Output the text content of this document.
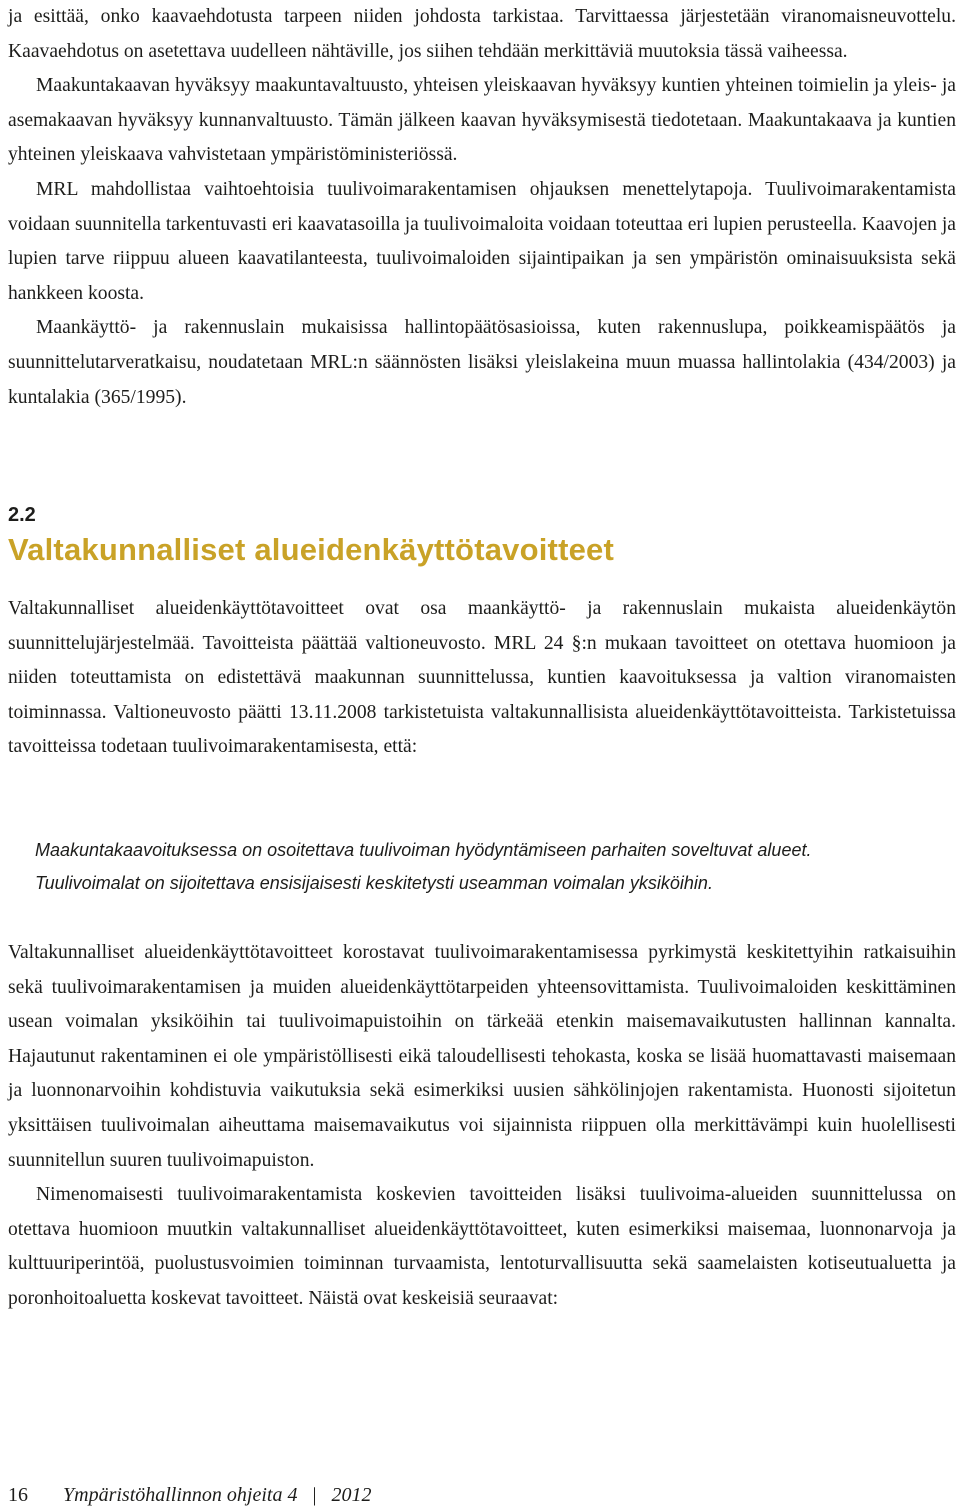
ja esittää, onko kaavaehdotusta tarpeen niiden johdosta tarkistaa. Tarvittaessa järjestetään viranomaisneuvottelu. Kaavaehdotus on asetettava uudelleen nähtäville, jos siihen tehdään merkittäviä muutoksia tässä vaiheessa.

Maakuntakaavan hyväksyy maakuntavaltuusto, yhteisen yleiskaavan hyväksyy kuntien yhteinen toimielin ja yleis- ja asemakaavan hyväksyy kunnanvaltuusto. Tämän jälkeen kaavan hyväksymisestä tiedotetaan. Maakuntakaava ja kuntien yhteinen yleiskaava vahvistetaan ympäristöministeriössä.

MRL mahdollistaa vaihtoehtoisia tuulivoimarakentamisen ohjauksen menettelytapoja. Tuulivoimarakentamista voidaan suunnitella tarkentuvasti eri kaavatasoilla ja tuulivoimaloita voidaan toteuttaa eri lupien perusteella. Kaavojen ja lupien tarve riippuu alueen kaavatilanteesta, tuulivoimaloiden sijaintipaikan ja sen ympäristön ominaisuuksista sekä hankkeen koosta.

Maankäyttö- ja rakennuslain mukaisissa hallintopäätösasioissa, kuten rakennuslupa, poikkeamispäätös ja suunnittelutarveratkaisu, noudatetaan MRL:n säännösten lisäksi yleislakeina muun muassa hallintolakia (434/2003) ja kuntalakia (365/1995).

2.2
Valtakunnalliset alueidenkäyttötavoitteet

Valtakunnalliset alueidenkäyttötavoitteet ovat osa maankäyttö- ja rakennuslain mukaista alueidenkäytön suunnittelujärjestelmää. Tavoitteista päättää valtioneuvosto. MRL 24 §:n mukaan tavoitteet on otettava huomioon ja niiden toteuttamista on edistettävä maakunnan suunnittelussa, kuntien kaavoituksessa ja valtion viranomaisten toiminnassa. Valtioneuvosto päätti 13.11.2008 tarkistetuista valtakunnallisista alueidenkäyttötavoitteista. Tarkistetuissa tavoitteissa todetaan tuulivoimarakentamisesta, että:

Maakuntakaavoituksessa on osoitettava tuulivoiman hyödyntämiseen parhaiten soveltuvat alueet.
Tuulivoimalat on sijoitettava ensisijaisesti keskitetysti useamman voimalan yksiköihin.

Valtakunnalliset alueidenkäyttötavoitteet korostavat tuulivoimarakentamisessa pyrkimystä keskitettyihin ratkaisuihin sekä tuulivoimarakentamisen ja muiden alueidenkäyttötarpeiden yhteensovittamista. Tuulivoimaloiden keskittäminen usean voimalan yksiköihin tai tuulivoimapuistoihin on tärkeää etenkin maisemavaikutusten hallinnan kannalta. Hajautunut rakentaminen ei ole ympäristöllisesti eikä taloudellisesti tehokasta, koska se lisää huomattavasti maisemaan ja luonnonarvoihin kohdistuvia vaikutuksia sekä esimerkiksi uusien sähkölinjojen rakentamista. Huonosti sijoitetun yksittäisen tuulivoimalan aiheuttama maisemavaikutus voi sijainnista riippuen olla merkittävämpi kuin huolellisesti suunnitellun suuren tuulivoimapuiston.

Nimenomaisesti tuulivoimarakentamista koskevien tavoitteiden lisäksi tuulivoima-alueiden suunnittelussa on otettava huomioon muutkin valtakunnalliset alueidenkäyttötavoitteet, kuten esimerkiksi maisemaa, luonnonarvoja ja kulttuuriperintöä, puolustusvoimien toiminnan turvaamista, lentoturvallisuutta sekä saamelaisten kotiseutualuetta ja poronhoitoaluetta koskevat tavoitteet. Näistä ovat keskeisiä seuraavat:

16 Ympäristöhallinnon ohjeita 4 | 2012
